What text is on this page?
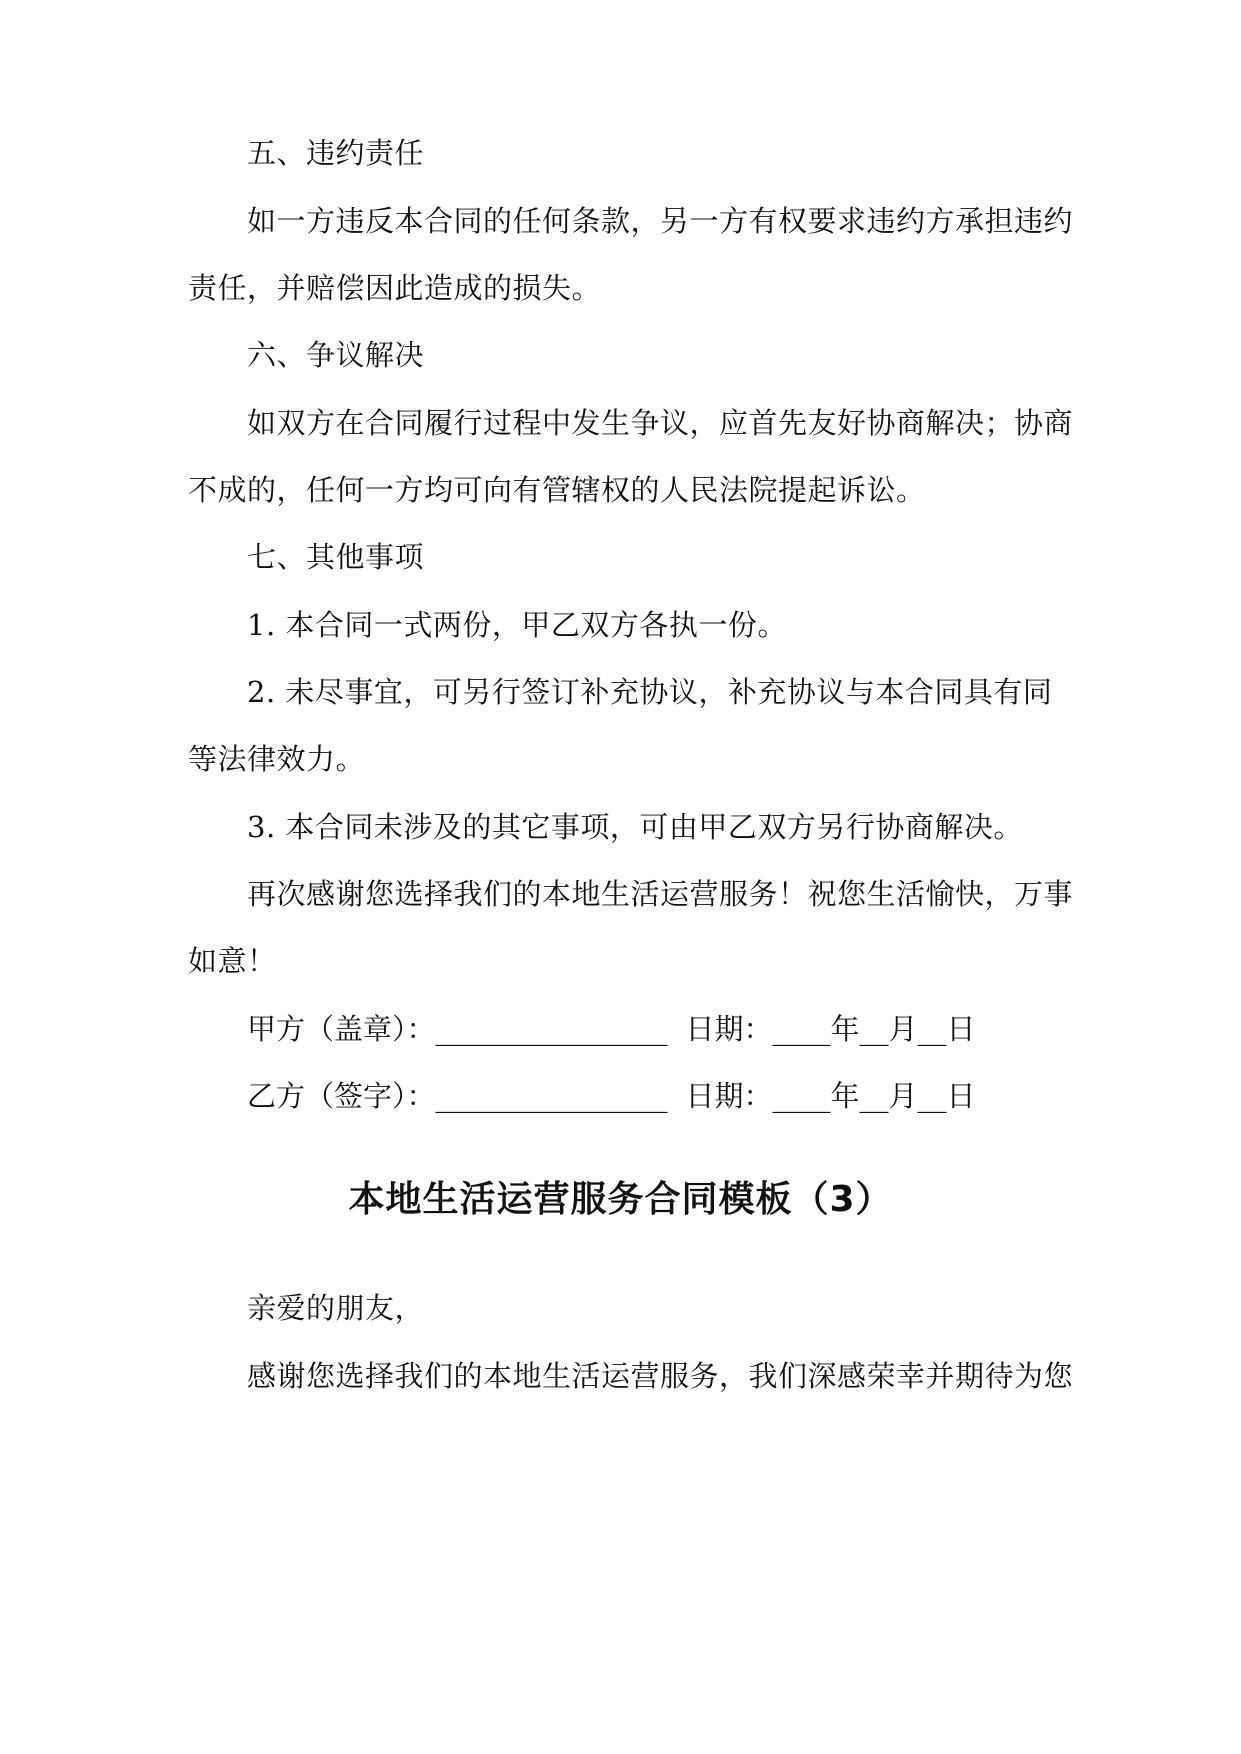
五、违约责任
如一方违反本合同的任何条款，另一方有权要求违约方承担违约
责任，并赔偿因此造成的损失。
六、争议解决
如双方在合同履行过程中发生争议，应首先友好协商解决；协商
不成的，任何一方均可向有管辖权的人民法院提起诉讼。
七、其他事项
1. 本合同一式两份，甲乙双方各执一份。
2. 未尽事宜，可另行签订补充协议，补充协议与本合同具有同
等法律效力。
3. 本合同未涉及的其它事项，可由甲乙双方另行协商解决。
再次感谢您选择我们的本地生活运营服务！祝您生活愉快，万事
如意！
甲方（盖章）：________________ 日期：____年__月__日
乙方（签字）：________________ 日期：____年__月__日
本地生活运营服务合同模板（3）
亲爱的朋友，
感谢您选择我们的本地生活运营服务，我们深感荣幸并期待为您
